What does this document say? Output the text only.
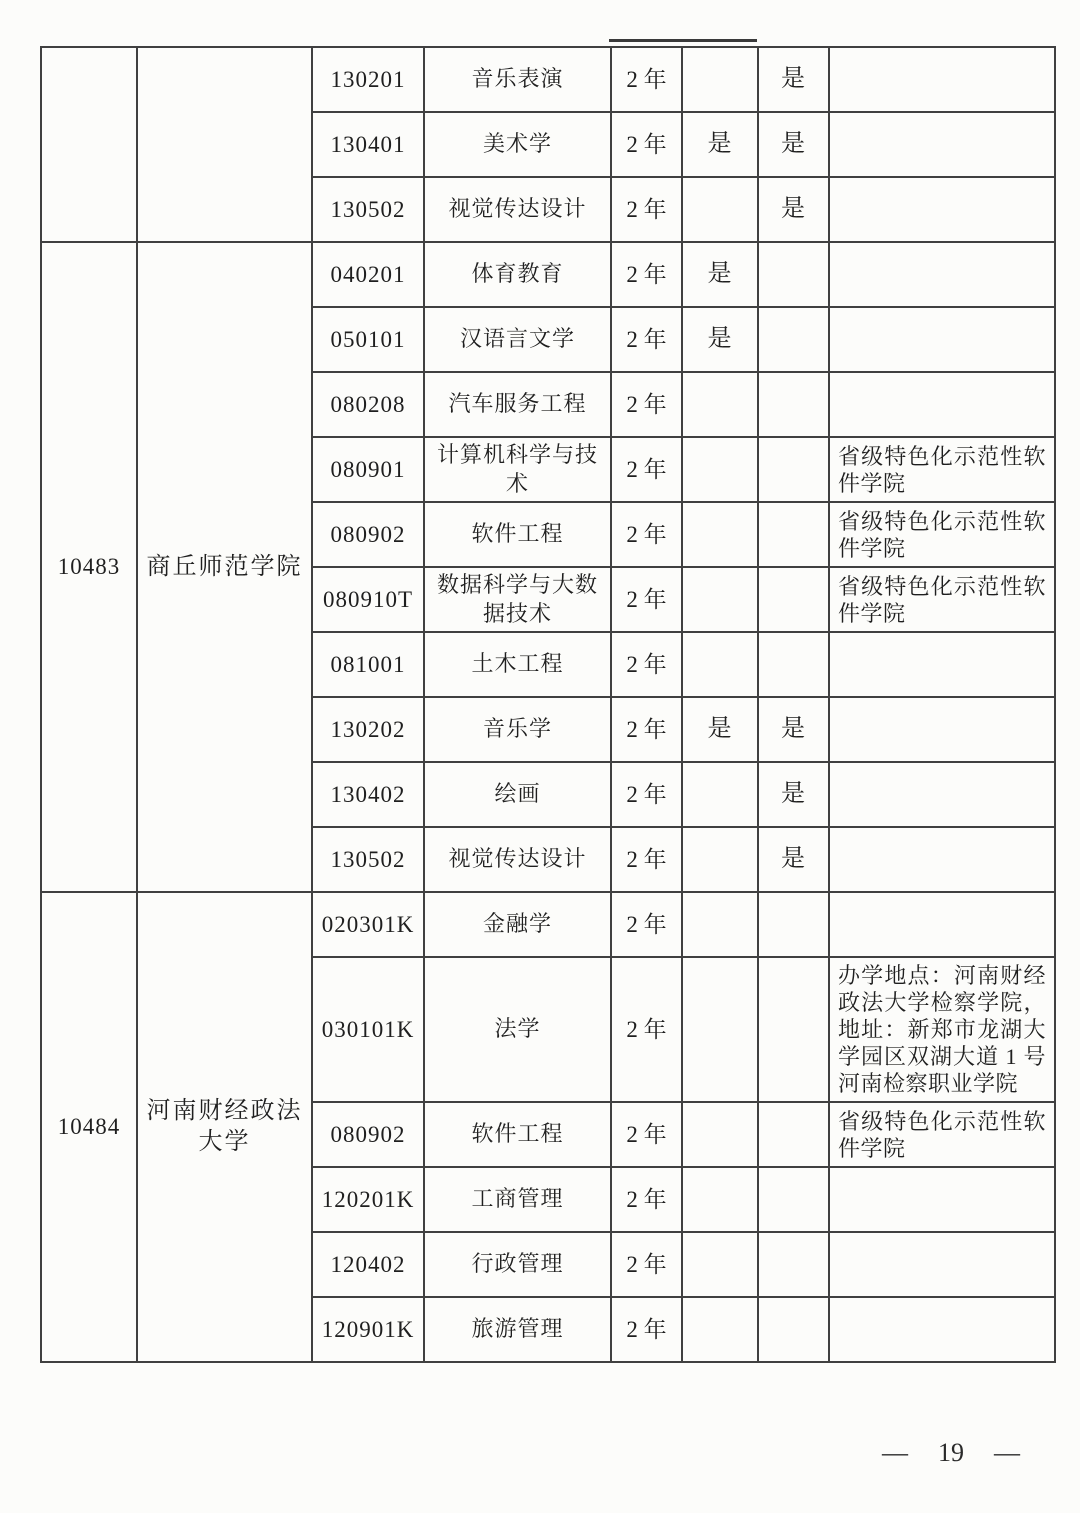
		130201	音乐表演	2 年		是	
		130401	美术学	2 年	是	是	
		130502	视觉传达设计	2 年		是	
10483	商丘师范学院	040201	体育教育	2 年	是		
		050101	汉语言文学	2 年	是		
		080208	汽车服务工程	2 年			
		080901	计算机科学与技术	2 年			省级特色化示范性软件学院
		080902	软件工程	2 年			省级特色化示范性软件学院
		080910T	数据科学与大数据技术	2 年			省级特色化示范性软件学院
		081001	土木工程	2 年			
		130202	音乐学	2 年	是	是	
		130402	绘画	2 年		是	
		130502	视觉传达设计	2 年		是	
10484	河南财经政法大学	020301K	金融学	2 年			
		030101K	法学	2 年			办学地点：河南财经政法大学检察学院，地址：新郑市龙湖大学园区双湖大道 1 号河南检察职业学院
		080902	软件工程	2 年			省级特色化示范性软件学院
		120201K	工商管理	2 年			
		120402	行政管理	2 年			
		120901K	旅游管理	2 年			
— 19 —
